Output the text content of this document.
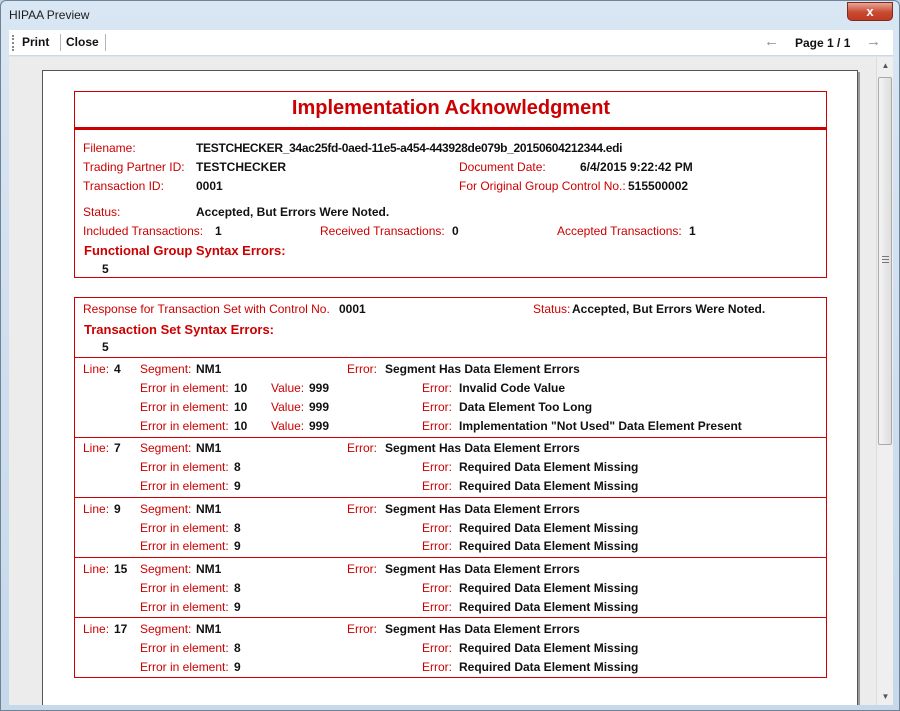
HIPAA Preview	x
Print Close	← Page 1 / 1 →
Implementation Acknowledgment
Filename:	TESTCHECKER_34ac25fd-0aed-11e5-a454-443928de079b_20150604212344.edi
Trading Partner ID: TESTCHECKER	Document Date:	6/4/2015 9:22:42 PM
Transaction ID:	0001	For Original Group Control No.: 515500002
Status:	Accepted, But Errors Were Noted.
Included Transactions: 1	Received Transactions: 0	Accepted Transactions: 1
Functional Group Syntax Errors:
5
Response for Transaction Set with Control No. 0001	Status: Accepted, But Errors Were Noted.
Transaction Set Syntax Errors:
5
Line: 4 Segment: NM1	Error: Segment Has Data Element Errors
Error in element: 10 Value: 999	Error: Invalid Code Value
Error in element: 10 Value: 999	Error: Data Element Too Long
Error in element: 10 Value: 999	Error: Implementation "Not Used" Data Element Present
Line: 7 Segment: NM1	Error: Segment Has Data Element Errors
Error in element: 8	Error: Required Data Element Missing
Error in element: 9	Error: Required Data Element Missing
Line: 9 Segment: NM1	Error: Segment Has Data Element Errors
Error in element: 8	Error: Required Data Element Missing
Error in element: 9	Error: Required Data Element Missing
Line: 15 Segment: NM1	Error: Segment Has Data Element Errors
Error in element: 8	Error: Required Data Element Missing
Error in element: 9	Error: Required Data Element Missing
Line: 17 Segment: NM1	Error: Segment Has Data Element Errors
Error in element: 8	Error: Required Data Element Missing
Error in element: 9	Error: Required Data Element Missing
▲
▼
